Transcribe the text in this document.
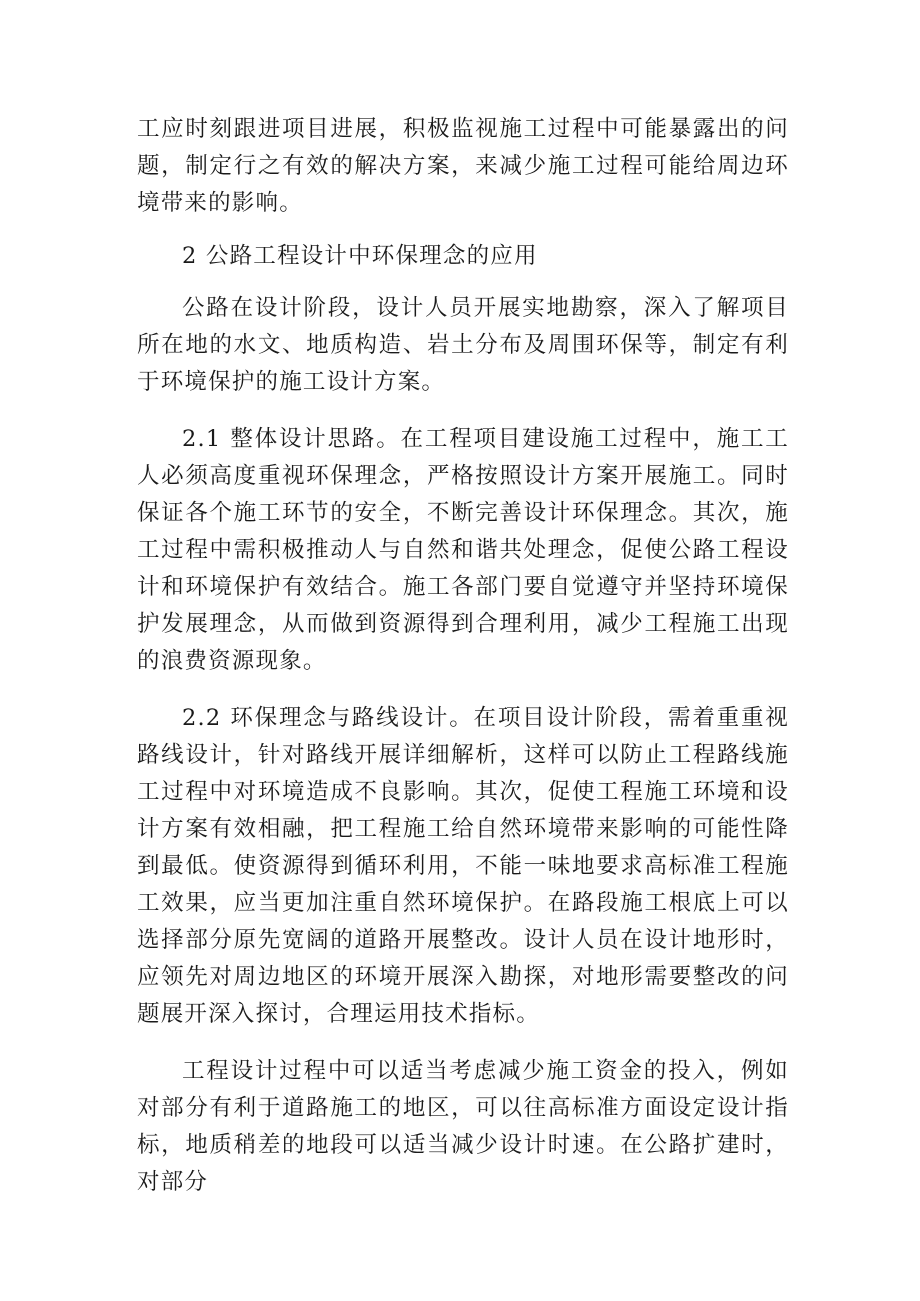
工应时刻跟进项目进展，积极监视施工过程中可能暴露出的问题，制定行之有效的解决方案，来减少施工过程可能给周边环境带来的影响。

2 公路工程设计中环保理念的应用

公路在设计阶段，设计人员开展实地勘察，深入了解项目所在地的水文、地质构造、岩土分布及周围环保等，制定有利于环境保护的施工设计方案。

2.1 整体设计思路。在工程项目建设施工过程中，施工工人必须高度重视环保理念，严格按照设计方案开展施工。同时保证各个施工环节的安全，不断完善设计环保理念。其次，施工过程中需积极推动人与自然和谐共处理念，促使公路工程设计和环境保护有效结合。施工各部门要自觉遵守并坚持环境保护发展理念，从而做到资源得到合理利用，减少工程施工出现的浪费资源现象。

2.2 环保理念与路线设计。在项目设计阶段，需着重重视路线设计，针对路线开展详细解析，这样可以防止工程路线施工过程中对环境造成不良影响。其次，促使工程施工环境和设计方案有效相融，把工程施工给自然环境带来影响的可能性降到最低。使资源得到循环利用，不能一味地要求高标准工程施工效果，应当更加注重自然环境保护。在路段施工根底上可以选择部分原先宽阔的道路开展整改。设计人员在设计地形时，应领先对周边地区的环境开展深入勘探，对地形需要整改的问题展开深入探讨，合理运用技术指标。

工程设计过程中可以适当考虑减少施工资金的投入，例如对部分有利于道路施工的地区，可以往高标准方面设定设计指标，地质稍差的地段可以适当减少设计时速。在公路扩建时，对部分
